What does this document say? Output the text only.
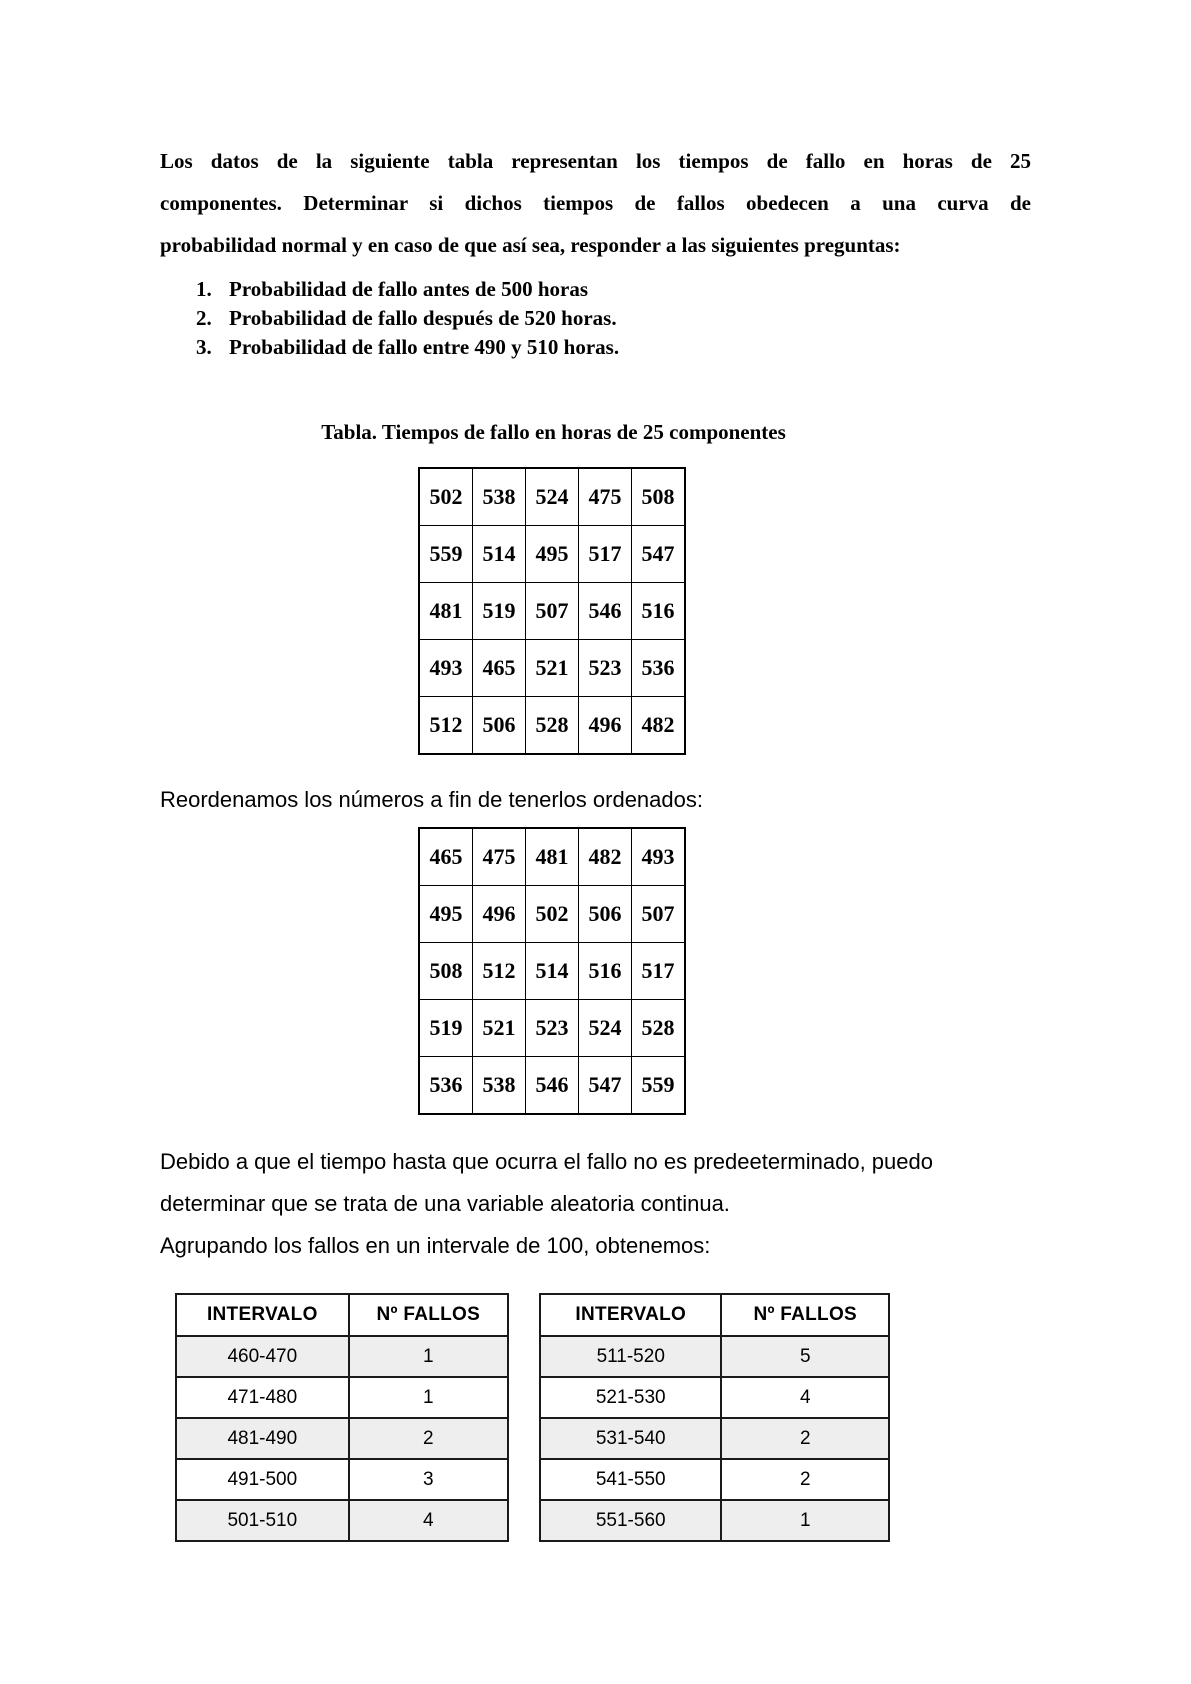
Los datos de la siguiente tabla representan los tiempos de fallo en horas de 25
componentes. Determinar si dichos tiempos de fallos obedecen a una curva de
probabilidad normal y en caso de que así sea, responder a las siguientes preguntas:
1. Probabilidad de fallo antes de 500 horas
2. Probabilidad de fallo después de 520 horas.
3. Probabilidad de fallo entre 490 y 510 horas.
Tabla. Tiempos de fallo en horas de 25 componentes
502	538	524	475	508
559	514	495	517	547
481	519	507	546	516
493	465	521	523	536
512	506	528	496	482
Reordenamos los números a fin de tenerlos ordenados:
465	475	481	482	493
495	496	502	506	507
508	512	514	516	517
519	521	523	524	528
536	538	546	547	559
Debido a que el tiempo hasta que ocurra el fallo no es predeeterminado, puedo
determinar que se trata de una variable aleatoria continua.
Agrupando los fallos en un intervale de 100, obtenemos:
INTERVALO	Nº FALLOS
460-470	1
471-480	1
481-490	2
491-500	3
501-510	4
INTERVALO	Nº FALLOS
511-520	5
521-530	4
531-540	2
541-550	2
551-560	1
